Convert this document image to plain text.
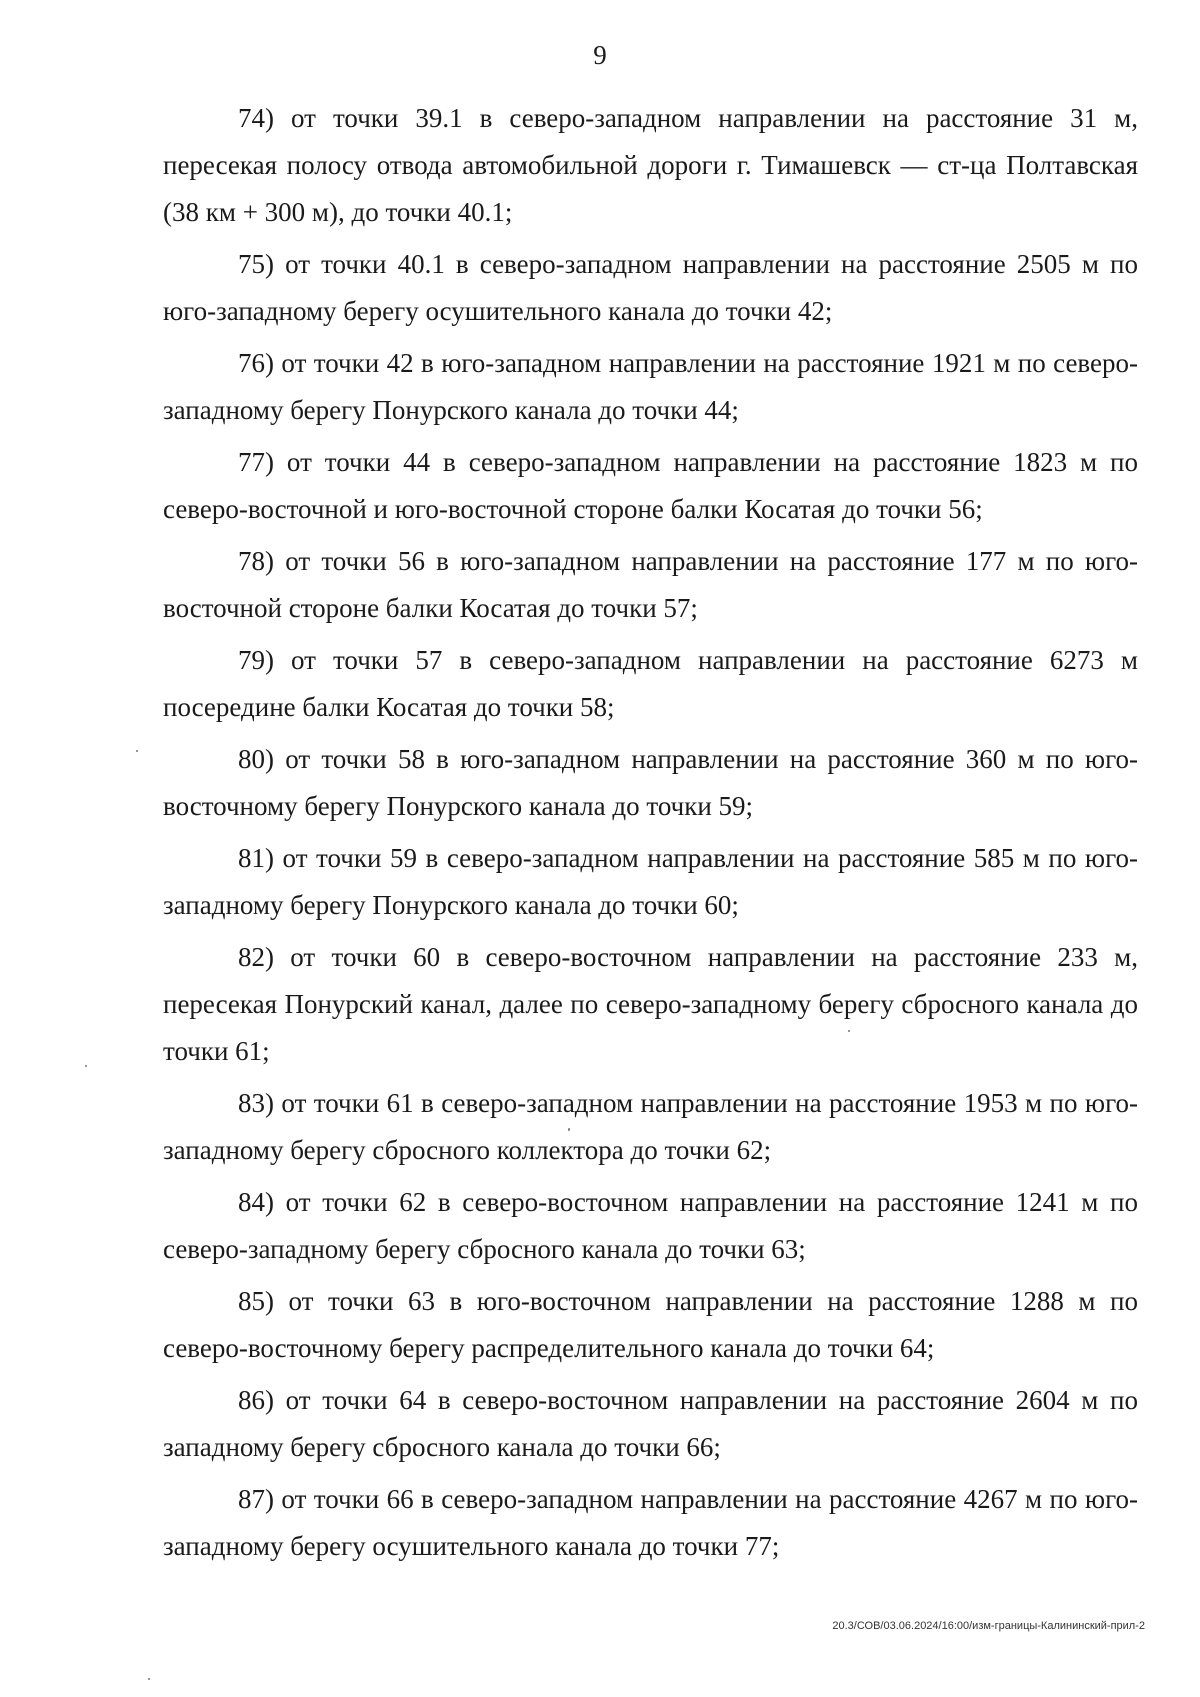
9

74) от точки 39.1 в северо-западном направлении на расстояние 31 м, пересекая полосу отвода автомобильной дороги г. Тимашевск — ст-ца Полтавская (38 км + 300 м), до точки 40.1;

75) от точки 40.1 в северо-западном направлении на расстояние 2505 м по юго-западному берегу осушительного канала до точки 42;

76) от точки 42 в юго-западном направлении на расстояние 1921 м по северо-западному берегу Понурского канала до точки 44;

77) от точки 44 в северо-западном направлении на расстояние 1823 м по северо-восточной и юго-восточной стороне балки Косатая до точки 56;

78) от точки 56 в юго-западном направлении на расстояние 177 м по юго-восточной стороне балки Косатая до точки 57;

79) от точки 57 в северо-западном направлении на расстояние 6273 м посередине балки Косатая до точки 58;

80) от точки 58 в юго-западном направлении на расстояние 360 м по юго-восточному берегу Понурского канала до точки 59;

81) от точки 59 в северо-западном направлении на расстояние 585 м по юго-западному берегу Понурского канала до точки 60;

82) от точки 60 в северо-восточном направлении на расстояние 233 м, пересекая Понурский канал, далее по северо-западному берегу сбросного канала до точки 61;

83) от точки 61 в северо-западном направлении на расстояние 1953 м по юго-западному берегу сбросного коллектора до точки 62;

84) от точки 62 в северо-восточном направлении на расстояние 1241 м по северо-западному берегу сбросного канала до точки 63;

85) от точки 63 в юго-восточном направлении на расстояние 1288 м по северо-восточному берегу распределительного канала до точки 64;

86) от точки 64 в северо-восточном направлении на расстояние 2604 м по западному берегу сбросного канала до точки 66;

87) от точки 66 в северо-западном направлении на расстояние 4267 м по юго-западному берегу осушительного канала до точки 77;

20.3/СОВ/03.06.2024/16:00/изм-границы-Калининский-прил-2
